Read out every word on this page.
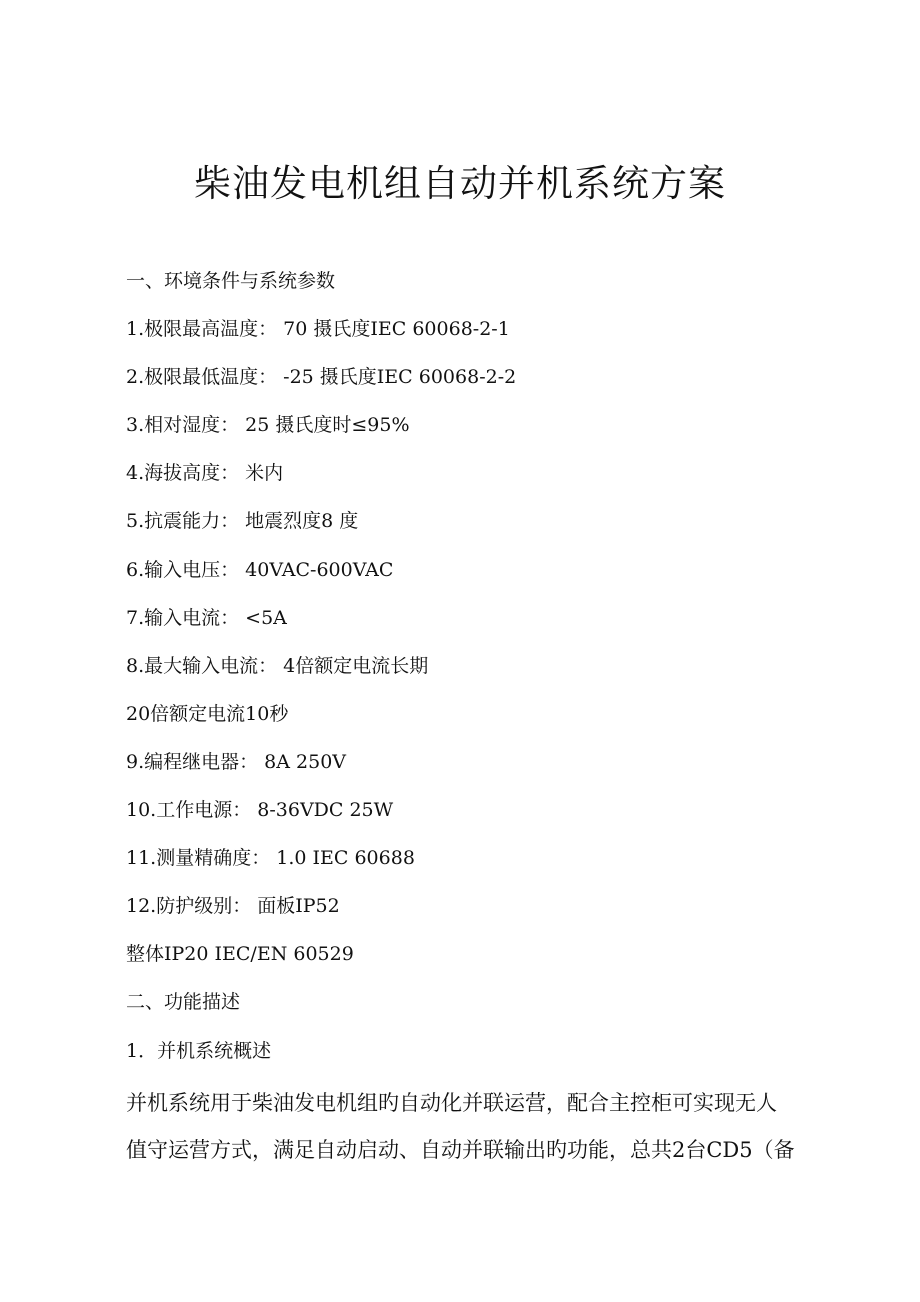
柴油发电机组自动并机系统方案
一、环境条件与系统参数
1.极限最高温度： 70 摄氏度IEC 60068-2-1
2.极限最低温度： -25 摄氏度IEC 60068-2-2
3.相对湿度： 25 摄氏度时≤95%
4.海拔高度： 米内
5.抗震能力： 地震烈度8 度
6.输入电压： 40VAC-600VAC
7.输入电流： <5A
8.最大输入电流： 4倍额定电流长期
20倍额定电流10秒
9.编程继电器： 8A 250V
10.工作电源： 8-36VDC 25W
11.测量精确度： 1.0 IEC 60688
12.防护级别： 面板IP52
整体IP20 IEC/EN 60529
二、功能描述
1．并机系统概述
并机系统用于柴油发电机组旳自动化并联运营，配合主控柜可实现无人
值守运营方式，满足自动启动、自动并联输出旳功能，总共2台CD5（备
